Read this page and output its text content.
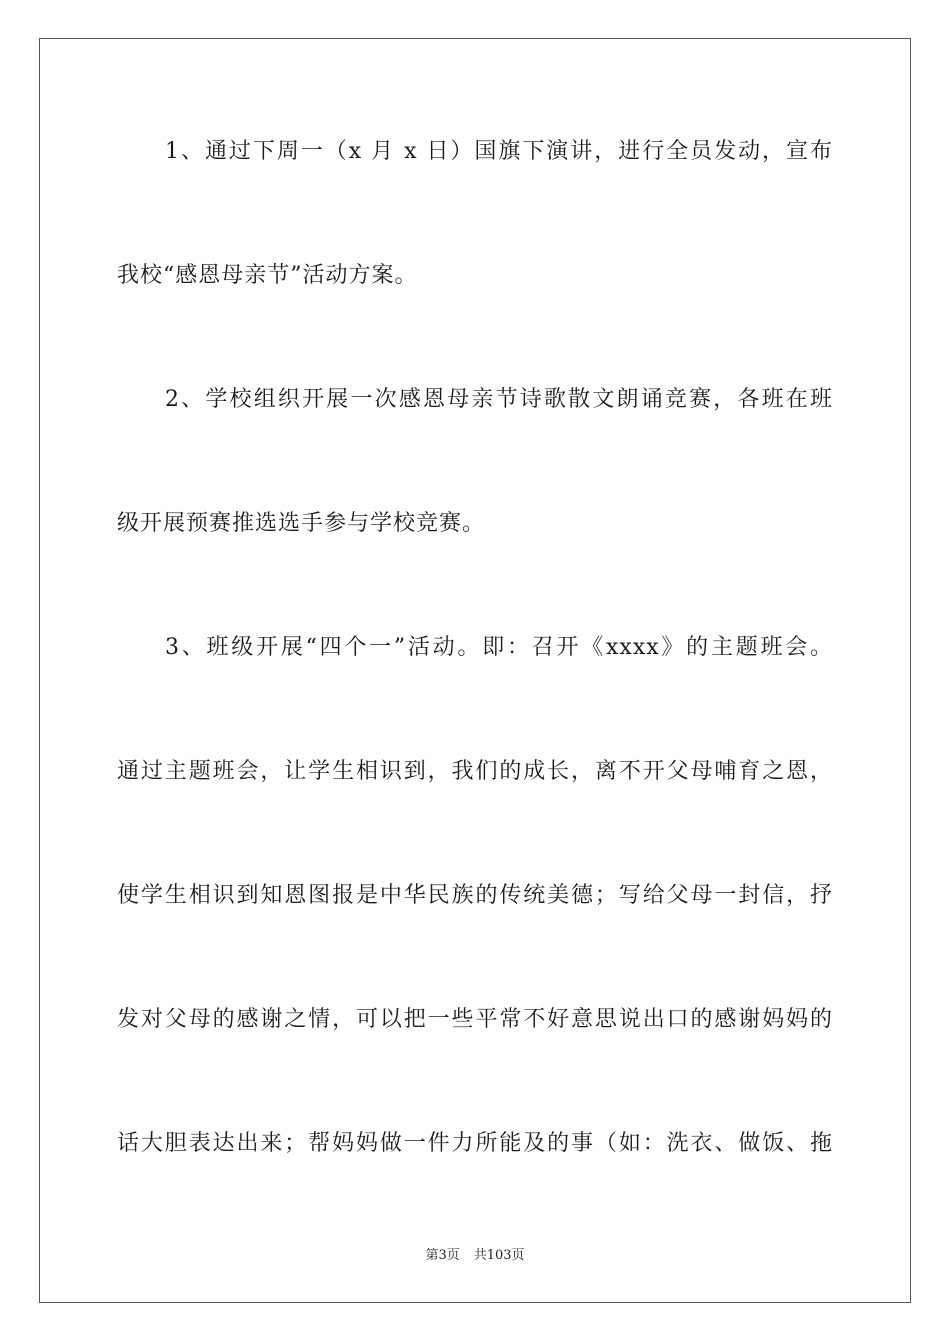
1、通过下周一（x 月 x 日）国旗下演讲，进行全员发动，宣布
我校“感恩母亲节”活动方案。
2、学校组织开展一次感恩母亲节诗歌散文朗诵竞赛，各班在班
级开展预赛推选选手参与学校竞赛。
3、班级开展“四个一”活动。即：召开《xxxx》的主题班会。
通过主题班会，让学生相识到，我们的成长，离不开父母哺育之恩，
使学生相识到知恩图报是中华民族的传统美德；写给父母一封信，抒
发对父母的感谢之情，可以把一些平常不好意思说出口的感谢妈妈的
话大胆表达出来；帮妈妈做一件力所能及的事（如：洗衣、做饭、拖
第3页 共103页
